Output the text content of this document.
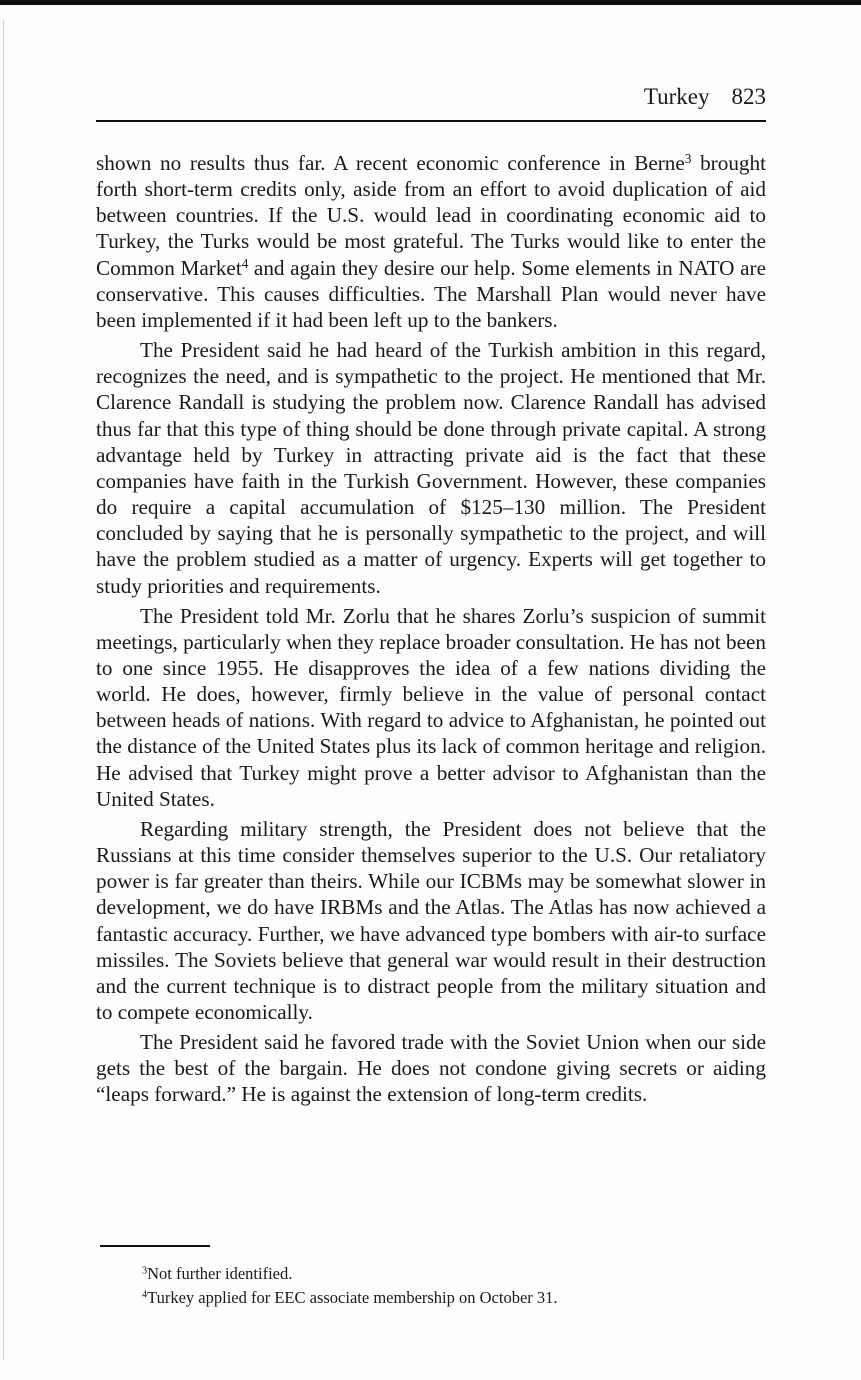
Turkey 823

shown no results thus far. A recent economic conference in Berne$^3$ brought forth short-term credits only, aside from an effort to avoid duplication of aid between countries. If the U.S. would lead in coordinating economic aid to Turkey, the Turks would be most grateful. The Turks would like to enter the Common Market$^4$ and again they desire our help. Some elements in NATO are conservative. This causes difficulties. The Marshall Plan would never have been implemented if it had been left up to the bankers.

The President said he had heard of the Turkish ambition in this regard, recognizes the need, and is sympathetic to the project. He mentioned that Mr. Clarence Randall is studying the problem now. Clarence Randall has advised thus far that this type of thing should be done through private capital. A strong advantage held by Turkey in attracting private aid is the fact that these companies have faith in the Turkish Government. However, these companies do require a capital accumulation of $125–130 million. The President concluded by saying that he is personally sympathetic to the project, and will have the problem studied as a matter of urgency. Experts will get together to study priorities and requirements.

The President told Mr. Zorlu that he shares Zorlu’s suspicion of summit meetings, particularly when they replace broader consultation. He has not been to one since 1955. He disapproves the idea of a few nations dividing the world. He does, however, firmly believe in the value of personal contact between heads of nations. With regard to advice to Afghanistan, he pointed out the distance of the United States plus its lack of common heritage and religion. He advised that Turkey might prove a better advisor to Afghanistan than the United States.

Regarding military strength, the President does not believe that the Russians at this time consider themselves superior to the U.S. Our retaliatory power is far greater than theirs. While our ICBMs may be somewhat slower in development, we do have IRBMs and the Atlas. The Atlas has now achieved a fantastic accuracy. Further, we have advanced type bombers with air-to surface missiles. The Soviets believe that general war would result in their destruction and the current technique is to distract people from the military situation and to compete economically.

The President said he favored trade with the Soviet Union when our side gets the best of the bargain. He does not condone giving secrets or aiding “leaps forward.” He is against the extension of long-term credits.

$^3$Not further identified.
$^4$Turkey applied for EEC associate membership on October 31.
